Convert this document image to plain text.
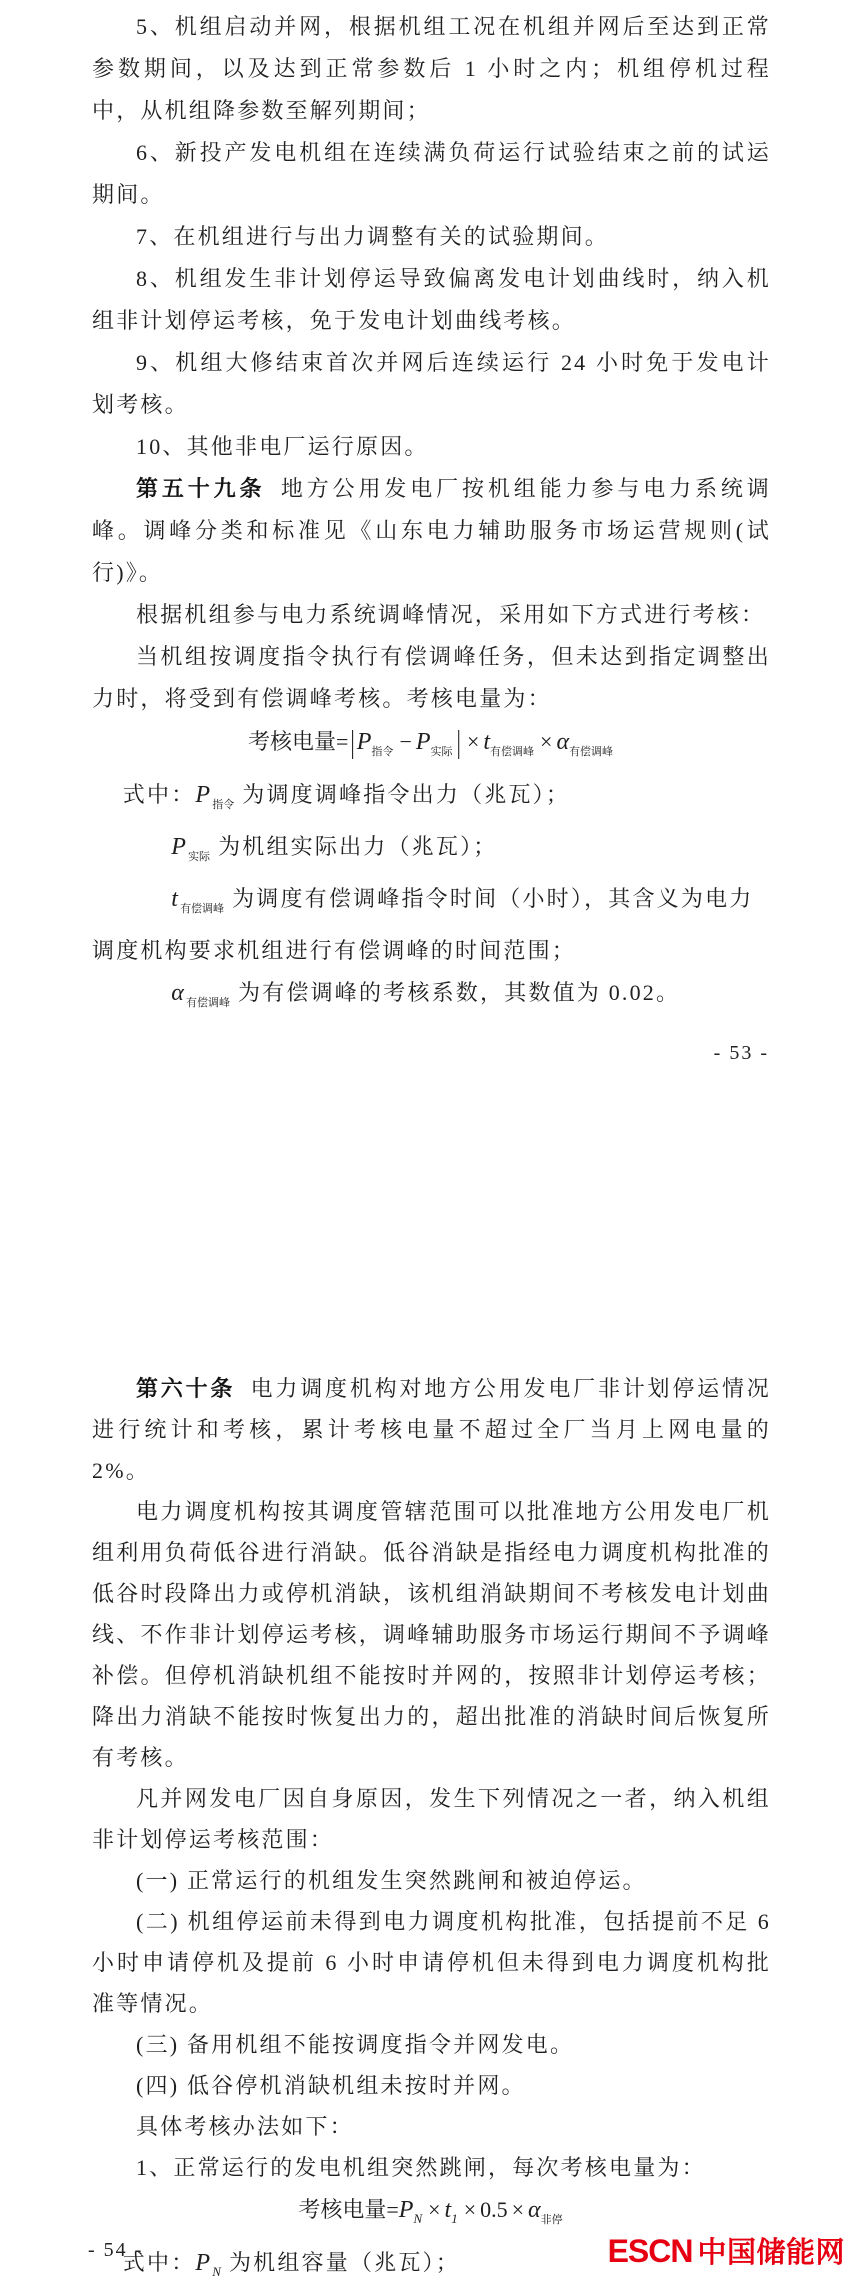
5、机组启动并网，根据机组工况在机组并网后至达到正常参数期间，以及达到正常参数后 1 小时之内；机组停机过程中，从机组降参数至解列期间；

6、新投产发电机组在连续满负荷运行试验结束之前的试运期间。

7、在机组进行与出力调整有关的试验期间。

8、机组发生非计划停运导致偏离发电计划曲线时，纳入机组非计划停运考核，免于发电计划曲线考核。

9、机组大修结束首次并网后连续运行 24 小时免于发电计划考核。

10、其他非电厂运行原因。

第五十九条 地方公用发电厂按机组能力参与电力系统调峰。调峰分类和标准见《山东电力辅助服务市场运营规则(试行)》。

根据机组参与电力系统调峰情况，采用如下方式进行考核：

当机组按调度指令执行有偿调峰任务，但未达到指定调整出力时，将受到有偿调峰考核。考核电量为：

考核电量$=|P_{指令} - P_{实际}$ | × $t_{有偿调峰} \times \alpha_{有偿调峰}$

式中：$P_{指令}$ 为调度调峰指令出力（兆瓦）；

$P_{实际}$ 为机组实际出力（兆瓦）；

$t_{有偿调峰}$ 为调度有偿调峰指令时间（小时），其含义为电力调度机构要求机组进行有偿调峰的时间范围；

$\alpha_{有偿调峰}$ 为有偿调峰的考核系数，其数值为 0.02。

- 53 -

第六十条 电力调度机构对地方公用发电厂非计划停运情况进行统计和考核，累计考核电量不超过全厂当月上网电量的 2%。

电力调度机构按其调度管辖范围可以批准地方公用发电厂机组利用负荷低谷进行消缺。低谷消缺是指经电力调度机构批准的低谷时段降出力或停机消缺，该机组消缺期间不考核发电计划曲线、不作非计划停运考核，调峰辅助服务市场运行期间不予调峰补偿。但停机消缺机组不能按时并网的，按照非计划停运考核；降出力消缺不能按时恢复出力的，超出批准的消缺时间后恢复所有考核。

凡并网发电厂因自身原因，发生下列情况之一者，纳入机组非计划停运考核范围：

(一) 正常运行的机组发生突然跳闸和被迫停运。

(二) 机组停运前未得到电力调度机构批准，包括提前不足 6 小时申请停机及提前 6 小时申请停机但未得到电力调度机构批准等情况。

(三) 备用机组不能按调度指令并网发电。

(四) 低谷停机消缺机组未按时并网。

具体考核办法如下：

1、正常运行的发电机组突然跳闸，每次考核电量为：

考核电量$=P_N \times t_1 \times 0.5 \times \alpha_{非停}$

式中：$P_N$ 为机组容量（兆瓦）；

- 54 -	ESCN 中国储能网
